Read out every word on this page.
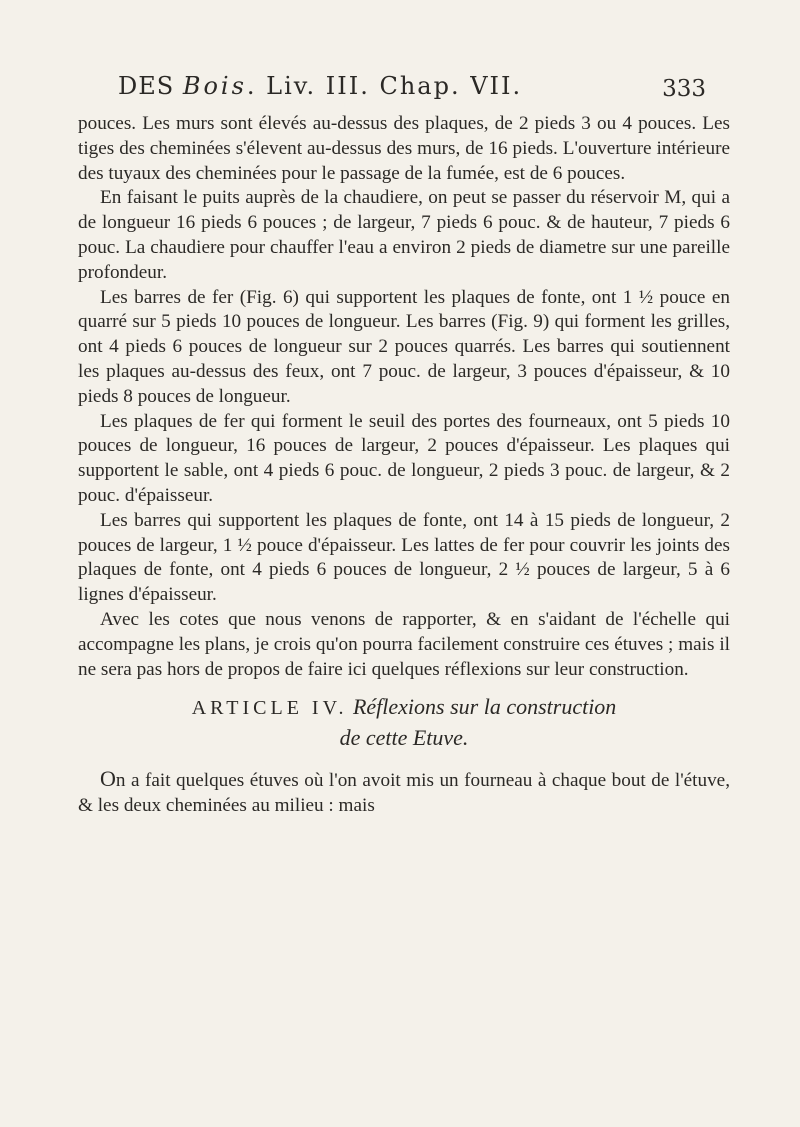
DES Bois. Liv. III. Chap. VII.	333

pouces. Les murs sont élevés au-dessus des plaques, de 2 pieds 3 ou 4 pouces. Les tiges des cheminées s'élevent au-dessus des murs, de 16 pieds. L'ouverture intérieure des tuyaux des cheminées pour le passage de la fumée, est de 6 pouces.

En faisant le puits auprès de la chaudiere, on peut se passer du réservoir M, qui a de longueur 16 pieds 6 pouces ; de largeur, 7 pieds 6 pouc. & de hauteur, 7 pieds 6 pouc. La chaudiere pour chauffer l'eau a environ 2 pieds de diametre sur une pareille profondeur.

Les barres de fer (Fig. 6) qui supportent les plaques de fonte, ont 1 ½ pouce en quarré sur 5 pieds 10 pouces de longueur. Les barres (Fig. 9) qui forment les grilles, ont 4 pieds 6 pouces de longueur sur 2 pouces quarrés. Les barres qui soutiennent les plaques au-dessus des feux, ont 7 pouc. de largeur, 3 pouces d'épaisseur, & 10 pieds 8 pouces de longueur.

Les plaques de fer qui forment le seuil des portes des fourneaux, ont 5 pieds 10 pouces de longueur, 16 pouces de largeur, 2 pouces d'épaisseur. Les plaques qui supportent le sable, ont 4 pieds 6 pouc. de longueur, 2 pieds 3 pouc. de largeur, & 2 pouc. d'épaisseur.

Les barres qui supportent les plaques de fonte, ont 14 à 15 pieds de longueur, 2 pouces de largeur, 1 ½ pouce d'épaisseur. Les lattes de fer pour couvrir les joints des plaques de fonte, ont 4 pieds 6 pouces de longueur, 2 ½ pouces de largeur, 5 à 6 lignes d'épaisseur.

Avec les cotes que nous venons de rapporter, & en s'aidant de l'échelle qui accompagne les plans, je crois qu'on pourra facilement construire ces étuves ; mais il ne sera pas hors de propos de faire ici quelques réflexions sur leur construction.

ARTICLE IV. Réflexions sur la construction
de cette Etuve.

On a fait quelques étuves où l'on avoit mis un fourneau à chaque bout de l'étuve, & les deux cheminées au milieu : mais
